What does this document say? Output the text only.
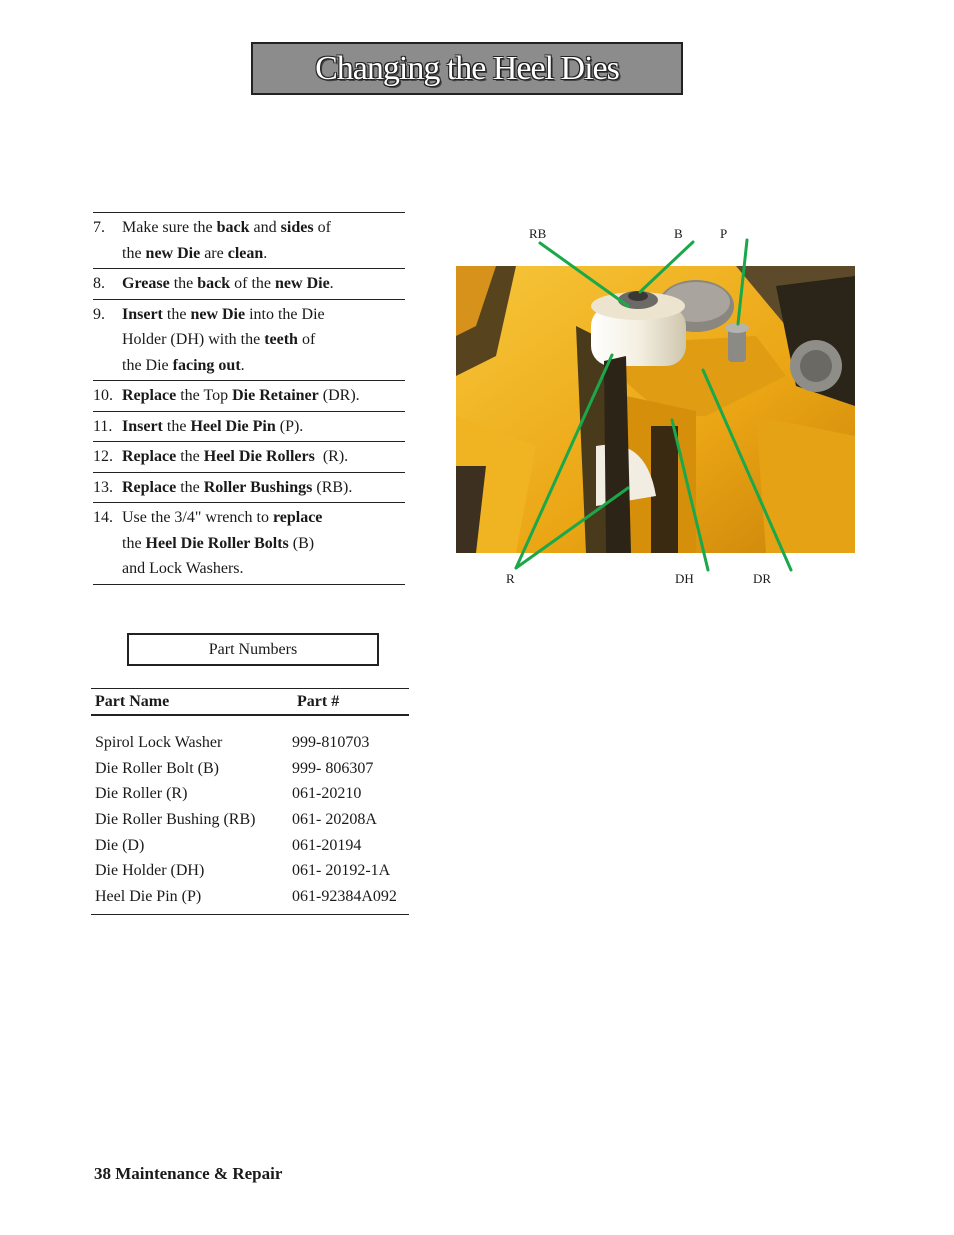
Changing the Heel Dies
7.	Make sure the back and sides of
the new Die are clean.
8.	Grease the back of the new Die.
9.	Insert the new Die into the Die
Holder (DH) with the teeth of
the Die facing out.
10. Replace the Top Die Retainer (DR).
11. Insert the Heel Die Pin (P).
12. Replace the Heel Die Rollers  (R).
13. Replace the Roller Bushings (RB).
14. Use the 3/4" wrench to replace
the Heel Die Roller Bolts (B)
and Lock Washers.
RB	B	P
R	DH	DR
Part Numbers
Part Name	Part #
Spirol Lock Washer	999-810703
Die Roller Bolt (B)	999- 806307
Die Roller (R)	061-20210
Die Roller Bushing (RB)	061- 20208A
Die (D)	061-20194
Die Holder (DH)	061- 20192-1A
Heel Die Pin (P)	061-92384A092
38 Maintenance & Repair
